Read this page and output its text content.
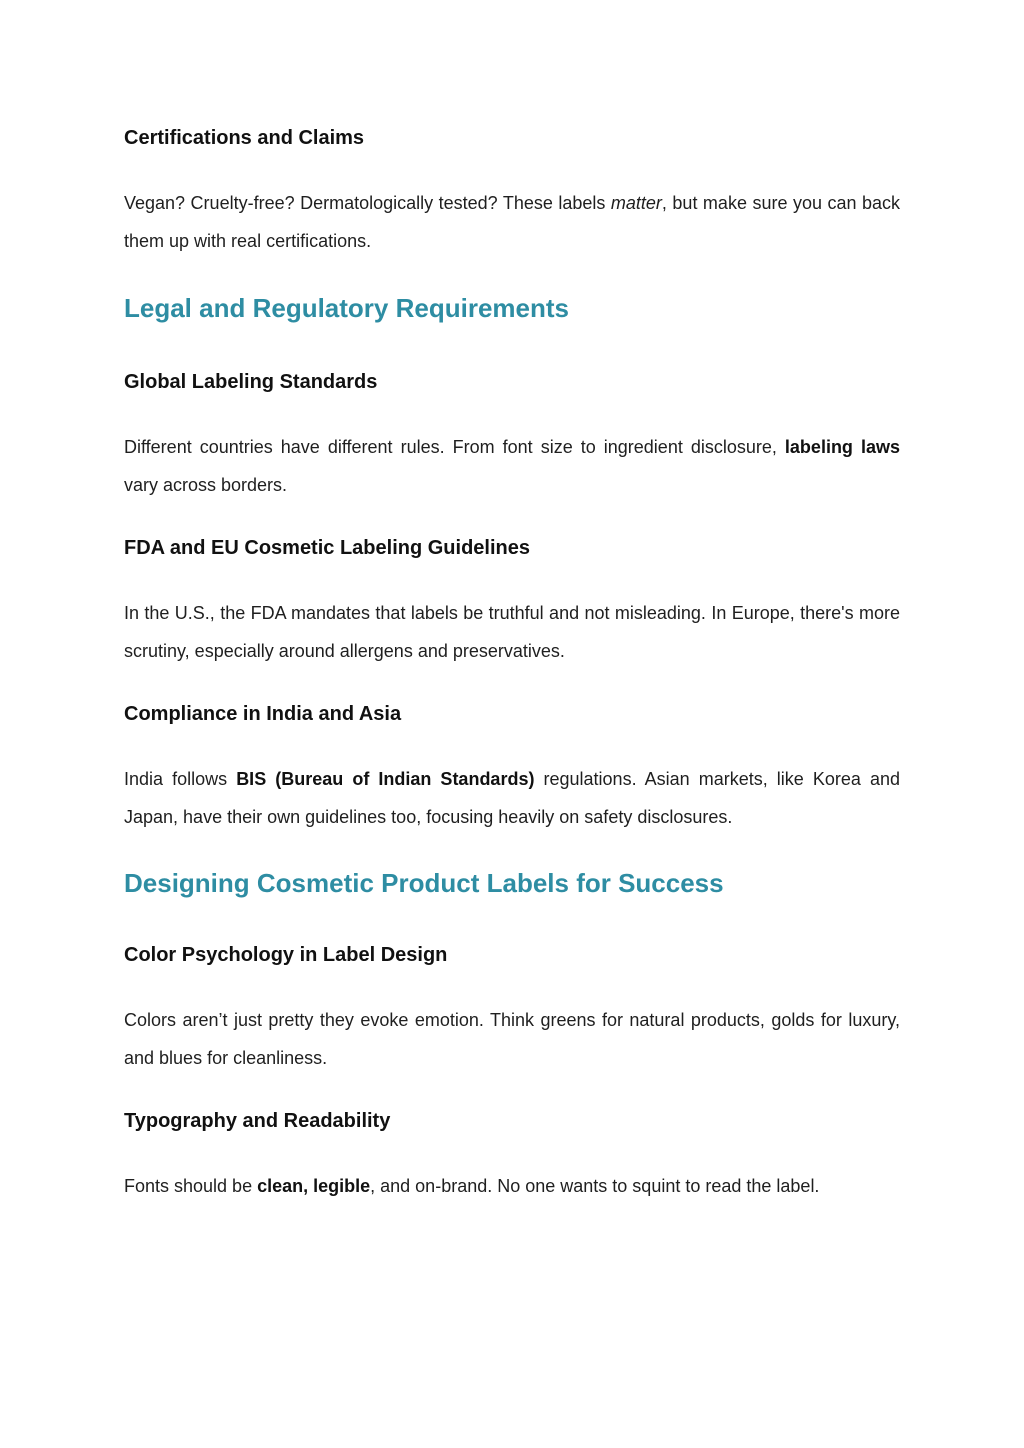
Certifications and Claims

Vegan? Cruelty-free? Dermatologically tested? These labels matter, but make sure you can back them up with real certifications.

Legal and Regulatory Requirements
Global Labeling Standards

Different countries have different rules. From font size to ingredient disclosure, labeling laws vary across borders.

FDA and EU Cosmetic Labeling Guidelines

In the U.S., the FDA mandates that labels be truthful and not misleading. In Europe, there's more scrutiny, especially around allergens and preservatives.

Compliance in India and Asia

India follows BIS (Bureau of Indian Standards) regulations. Asian markets, like Korea and Japan, have their own guidelines too, focusing heavily on safety disclosures.

Designing Cosmetic Product Labels for Success
Color Psychology in Label Design

Colors aren’t just pretty they evoke emotion. Think greens for natural products, golds for luxury, and blues for cleanliness.

Typography and Readability

Fonts should be clean, legible, and on-brand. No one wants to squint to read the label.
